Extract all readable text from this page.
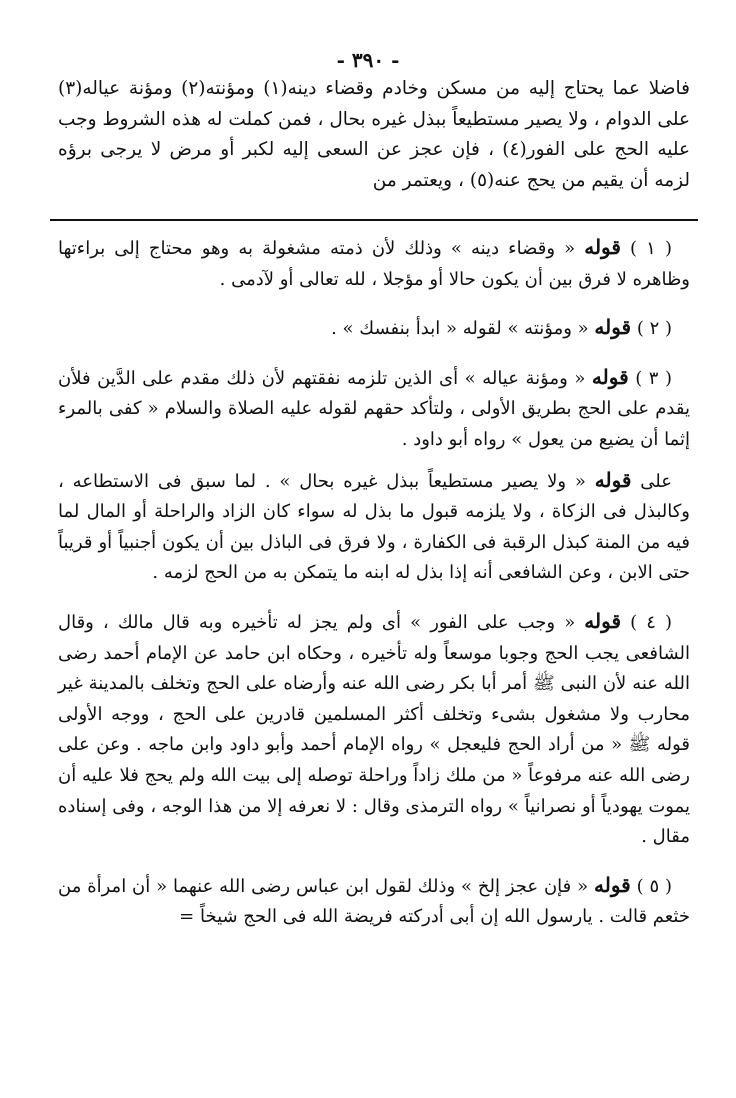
- ٣٩٠ -

فاضلا عما يحتاج إليه من مسكن وخادم وقضاء دينه(١) ومؤنته(٢) ومؤنة عياله(٣) على الدوام ، ولا يصير مستطيعاً ببذل غيره بحال ، فمن كملت له هذه الشروط وجب عليه الحج على الفور(٤) ، فإن عجز عن السعى إليه لكبر أو مرض لا يرجى برؤه لزمه أن يقيم من يحج عنه(٥) ، ويعتمر من

( ١ ) قوله « وقضاء دينه » وذلك لأن ذمته مشغولة به وهو محتاج إلى براءتها وظاهره لا فرق بين أن يكون حالا أو مؤجلا ، لله تعالى أو لآدمى .

( ٢ ) قوله « ومؤنته » لقوله « ابدأ بنفسك » .

( ٣ ) قوله « ومؤنة عياله » أى الذين تلزمه نفقتهم لأن ذلك مقدم على الدَّين فلأن يقدم على الحج بطريق الأولى ، ولتأكد حقهم لقوله عليه الصلاة والسلام « كفى بالمرء إثما أن يضيع من يعول » رواه أبو داود .

على قوله « ولا يصير مستطيعاً ببذل غيره بحال » . لما سبق فى الاستطاعه ، وكالبذل فى الزكاة ، ولا يلزمه قبول ما بذل له سواء كان الزاد والراحلة أو المال لما فيه من المنة كبذل الرقبة فى الكفارة ، ولا فرق فى الباذل بين أن يكون أجنبياً أو قريباً حتى الابن ، وعن الشافعى أنه إذا بذل له ابنه ما يتمكن به من الحج لزمه .

( ٤ ) قوله « وجب على الفور » أى ولم يجز له تأخيره وبه قال مالك ، وقال الشافعى يجب الحج وجوبا موسعاً وله تأخيره ، وحكاه ابن حامد عن الإمام أحمد رضى الله عنه لأن النبى ﷺ أمر أبا بكر رضى الله عنه وأرضاه على الحج وتخلف بالمدينة غير محارب ولا مشغول بشىء وتخلف أكثر المسلمين قادرين على الحج ، ووجه الأولى قوله ﷺ « من أراد الحج فليعجل » رواه الإمام أحمد وأبو داود وابن ماجه . وعن على رضى الله عنه مرفوعاً « من ملك زاداً وراحلة توصله إلى بيت الله ولم يحج فلا عليه أن يموت يهودياً أو نصرانياً » رواه الترمذى وقال : لا نعرفه إلا من هذا الوجه ، وفى إسناده مقال .

( ٥ ) قوله « فإن عجز إلخ » وذلك لقول ابن عباس رضى الله عنهما « أن امرأة من خثعم قالت . يارسول الله إن أبى أدركته فريضة الله فى الحج شيخاً =
